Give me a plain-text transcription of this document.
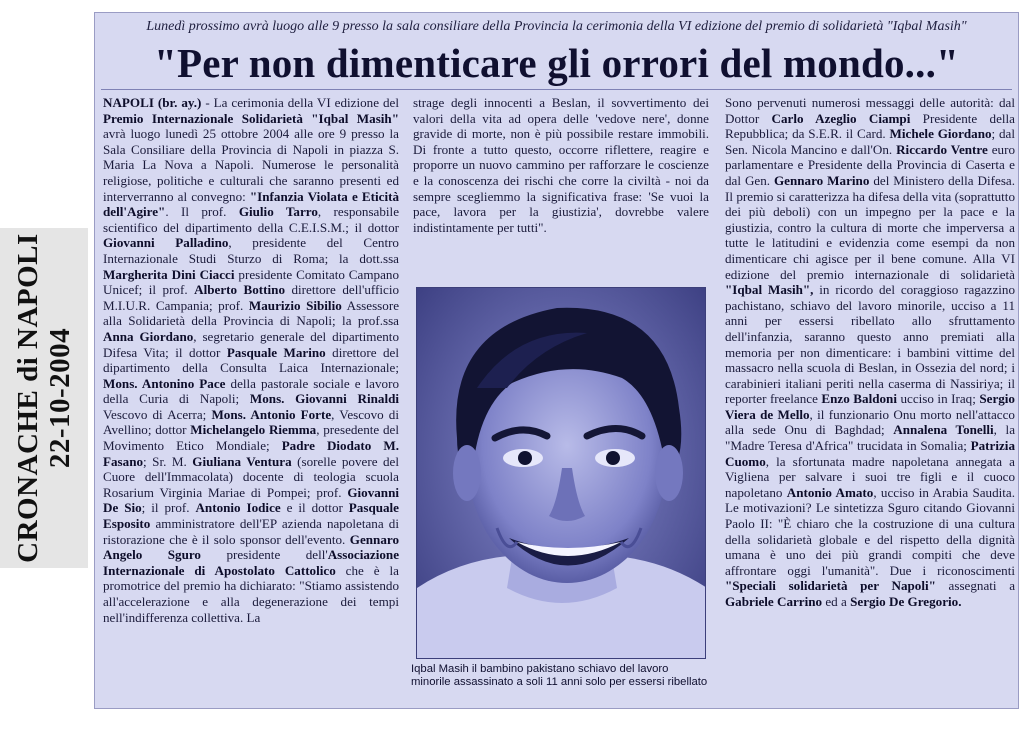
CRONACHE di NAPOLI 22-10-2004
Lunedì prossimo avrà luogo alle 9 presso la sala consiliare della Provincia la cerimonia della VI edizione del premio di solidarietà "Iqbal Masih"
"Per non dimenticare gli orrori del mondo..."

NAPOLI (br. ay.) - La cerimonia della VI edizione del Premio Internazionale Solidarietà "Iqbal Masih" avrà luogo lunedì 25 ottobre 2004 alle ore 9 presso la Sala Consiliare della Provincia di Napoli in piazza S. Maria La Nova a Napoli. Numerose le personalità religiose, politiche e culturali che saranno presenti ed interverranno al convegno: "Infanzia Violata e Eticità dell'Agire". Il prof. Giulio Tarro, responsabile scientifico del dipartimento della C.E.I.S.M.; il dottor Giovanni Palladino, presidente del Centro Internazionale Studi Sturzo di Roma; la dott.ssa Margherita Dini Ciacci presidente Comitato Campano Unicef; il prof. Alberto Bottino direttore dell'ufficio M.I.U.R. Campania; prof. Maurizio Sibilio Assessore alla Solidarietà della Provincia di Napoli; la prof.ssa Anna Giordano, segretario generale del dipartimento Difesa Vita; il dottor Pasquale Marino direttore del dipartimento della Consulta Laica Internazionale; Mons. Antonino Pace della pastorale sociale e lavoro della Curia di Napoli; Mons. Giovanni Rinaldi Vescovo di Acerra; Mons. Antonio Forte, Vescovo di Avellino; dottor Michelangelo Riemma, presedente del Movimento Etico Mondiale; Padre Diodato M. Fasano; Sr. M. Giuliana Ventura (sorelle povere del Cuore dell'Immacolata) docente di teologia scuola Rosarium Virginia Mariae di Pompei; prof. Giovanni De Sio; il prof. Antonio Iodice e il dottor Pasquale Esposito amministratore dell'EP azienda napoletana di ristorazione che è il solo sponsor dell'evento. Gennaro Angelo Sguro presidente dell'Associazione Internazionale di Apostolato Cattolico che è la promotrice del premio ha dichiarato: "Stiamo assistendo all'accelerazione e alla degenerazione dei tempi nell'indifferenza collettiva. La

strage degli innocenti a Beslan, il sovvertimento dei valori della vita ad opera delle 'vedove nere', donne gravide di morte, non è più possibile restare immobili. Di fronte a tutto questo, occorre riflettere, reagire e proporre un nuovo cammino per rafforzare le coscienze e la conoscenza dei rischi che corre la civiltà - noi da sempre scegliemmo la significativa frase: 'Se vuoi la pace, lavora per la giustizia', dovrebbe valere indistintamente per tutti".

Sono pervenuti numerosi messaggi delle autorità: dal Dottor Carlo Azeglio Ciampi Presidente della Repubblica; da S.E.R. il Card. Michele Giordano; dal Sen. Nicola Mancino e dall'On. Riccardo Ventre euro parlamentare e Presidente della Provincia di Caserta e dal Gen. Gennaro Marino del Ministero della Difesa. Il premio si caratterizza ha difesa della vita (soprattutto dei più deboli) con un impegno per la pace e la giustizia, contro la cultura di morte che imperversa a tutte le latitudini e evidenzia come esempi da non dimenticare chi agisce per il bene comune. Alla VI edizione del premio internazionale di solidarietà "Iqbal Masih", in ricordo del coraggioso ragazzino pachistano, schiavo del lavoro minorile, ucciso a 11 anni per essersi ribellato allo sfruttamento dell'infanzia, saranno questo anno premiati alla memoria per non dimenticare: i bambini vittime del massacro nella scuola di Beslan, in Ossezia del nord; i carabinieri italiani periti nella caserma di Nassiriya; il reporter freelance Enzo Baldoni ucciso in Iraq; Sergio Viera de Mello, il funzionario Onu morto nell'attacco alla sede Onu di Baghdad; Annalena Tonelli, la "Madre Teresa d'Africa" trucidata in Somalia; Patrizia Cuomo, la sfortunata madre napoletana annegata a Vigliena per salvare i suoi tre figli e il cuoco napoletano Antonio Amato, ucciso in Arabia Saudita. Le motivazioni? Le sintetizza Sguro citando Giovanni Paolo II: "È chiaro che la costruzione di una cultura della solidarietà globale e del rispetto della dignità umana è uno dei più grandi compiti che deve affrontare oggi l'umanità". Due i riconoscimenti "Speciali solidarietà per Napoli" assegnati a Gabriele Carrino ed a Sergio De Gregorio.

Iqbal Masih il bambino pakistano schiavo del lavoro minorile assassinato a soli 11 anni solo per essersi ribellato
